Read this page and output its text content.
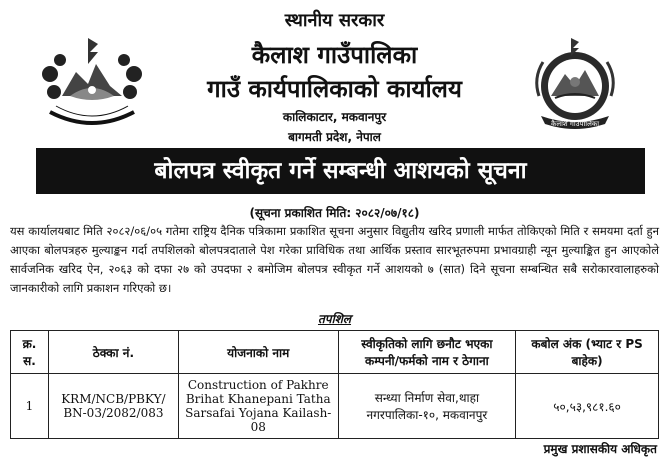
कैलाश गाउँपालिका
स्थानीय सरकार
कैलाश गाउँपालिका
गाउँ कार्यपालिकाको कार्यालय
कालिकाटार, मकवानपुर
बागमती प्रदेश, नेपाल
बोलपत्र स्वीकृत गर्ने सम्बन्धी आशयको सूचना
(सूचना प्रकाशित मिति: २०८२/०७/१८)
यस कार्यालयबाट मिति २०८२/०६/०५ गतेमा राष्ट्रिय दैनिक पत्रिकामा प्रकाशित सूचना अनुसार विद्युतीय खरिद प्रणाली मार्फत तोकिएको मिति र समयमा दर्ता हुन आएका बोलपत्रहरु मुल्याङ्कन गर्दा तपशिलको बोलपत्रदाताले पेश गरेका प्राविधिक तथा आर्थिक प्रस्ताव सारभूतरुपमा प्रभावग्राही न्यून मुल्याङ्कित हुन आएकोले सार्वजनिक खरिद ऐन, २०६३ को दफा २७ को उपदफा २ बमोजिम बोलपत्र स्वीकृत गर्ने आशयको ७ (सात) दिने सूचना सम्बन्धित सबै सरोकारवालाहरुको जानकारीको लागि प्रकाशन गरिएको छ।
तपशिल
क्र. स.	ठेक्का नं.	योजनाको नाम	स्वीकृतिको लागि छनौट भएका कम्पनी/फर्मको नाम र ठेगाना	कबोल अंक (भ्याट र PS बाहेक)
1	KRM/NCB/PBKY/ BN-03/2082/083	Construction of Pakhre Brihat Khanepani Tatha Sarsafai Yojana Kailash-08	सन्ध्या निर्माण सेवा,थाहा नगरपालिका-१०, मकवानपुर	५०,५३,९८१.६०
प्रमुख प्रशासकीय अधिकृत
